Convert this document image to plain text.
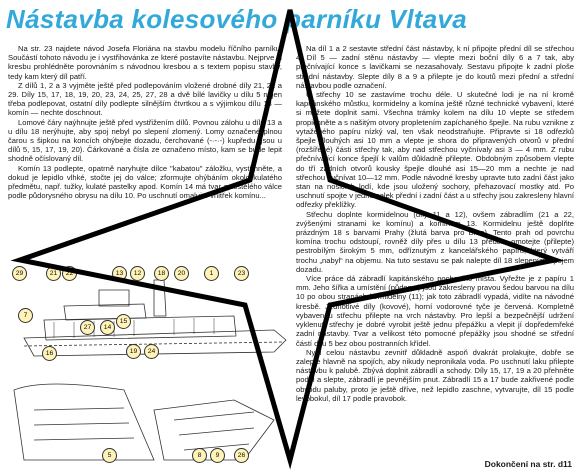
Nástavba kolesového parníku Vltava

Na str. 23 najdete návod Josefa Floriána na stavbu modelu říčního parníku. Součástí tohoto návodu je i vystřihovánka ze které postavíte nástavbu. Nejprve si kresbu prohlédněte porovnáním s návodnou kresbou a s textem popisu stavby, tedy kam který díl patří.

Z dílů 1, 2 a 3 vyjměte ještě před podlepováním vložené drobné díly 21, 22 a 29. Díly 15, 17, 18, 19, 20, 23, 24, 25, 27, 28 a dvě bílé lavičky u dílu 5 nejen třeba podlepovat, ostatní díly podlepte silnějším čtvrtkou a s výjimkou dílu 13 — komín — nechte doschnout.

Lomové čáry naýhnujte ještě před vystřižením dílů. Povnou zálohu u dílu 13 a u dílu 18 nerýhujte, aby spoj nebyl po slepení zlomený. Lomy označené plnou čarou s šipkou na koncích ohýbejte dozadu, čerchované (-·-·-) kupředu (jsou u dílů 5, 15, 17, 19, 20). Čárkované a čísla ze označeno místo, kam se bude lepit shodně očíslovaný díl.

Komín 13 podlepte, opatrně naryhujte dílce "kabatou" záložku, vystřihněte, a dokud je lepidlo vlhké, stočte jej do válce; zformujte ohýbáním okolo kulatého předmětu, např. tužky, kulaté pastelky apod. Komín 14 má tvar zploštělého válce podle půdorysného obrysu na dílu 10. Po uschnutí omalujte vnitřek komínu...

Na díl 1 a 2 sestavte střední část nástavby, k ní připojte přední díl se střechou 4. Díl 5 — zadní stěnu nástavby — vlepte mezi boční díly 6 a 7 tak, aby přečnívající konce s lavičkami se nezasahovaly. Sestavu připojte k zadní ploše střední nástavby. Slepte díly 8 a 9 a přilepte je do koutů mezi přední a střední nástavbou podle označení.

U střechy 10 se zastavíme trochu déle. U skutečné lodi je na ní kromě kapitánského můstku, kormidelny a komína ještě různé technické vybavení, které si můžete doplnit sami. Všechna trámky kolem na dílu 10 vlepte se středem propichněte a s našitým otvory propletením zapíchaného špejle. Na rubu vznikne z vytaženého papíru nízký val, ten však neodstraňujte. Připravte si 18 odřezků špejle dlouhých asi 10 mm a vlepte je shora do připravených otvorů v přední (rozšířené) části střechy tak, aby nad střechou vyčnívaly asi 3 — 4 mm. Z rubu přečnívající konce špejlí k valům důkladně přilepte. Obdobným způsobem vlepte do tří zadních otvorů kousky špejle dlouhé asi 15—20 mm a nechte je nad střechou vyčnívat 10—12 mm. Podle návodné kresby upravte tuto zadní část jako stan na nosičích lodí, kde jsou uložený sochory, přehazovací mostky atd. Po uschnutí spojte v jednu celek přední i zadní část a u střechy jsou zakresleny hlavní odřezky překlížky.

Střechu doplnte kormidelnou (díly 11 a 12), ovšem zábradlím (21 a 22, zvýšenými stranami ke komínu) a komínem 13. Kormidelnu ještě doplňte prázdným 18 s barvami Prahy (žlutá barva pro Brno). Tento prah od povrchu komína trochu odstoupí, rovněž díly přes u dílu 13 předem omotejte (přilepte) pestrobílým širokým 5 mm, odříznutým z kancelářského papíru, který vytváří trochu „nabyl“ na objemu. Na tuto sestavu se pak nalepte díl 18 slepeným spojem dozadu.

Více práce dá zábradlí kapitánského pochozího místa. Vyřežte je z papíru 1 mm. Jeho šířka a umístění (půdorys) jsou zakresleny pravou šedou barvou na dílu 10 po obou stranách kormidelny (11); jak toto zábradlí vypadá, vidíte na návodné kresbě. Jednotlivé díly (kovové), horní vodorovné tyče je červená. Kompletně vybavenou střechu přilepte na vrch nástavby. Pro lepší a bezpečnější udržení vyklenutí střechy je dobré vyrobit ještě jednu přepážku a vlepit jí dopředemřeké zadní nástavby. Tvar a velikost této pomocné přepážky jsou shodné se střední částí dílu 5 bez obou postranních křídel.

Nyní celou nástavbu zevnitř důkladně aspoň dvakrát prolakujte, dobře se zalepte hlavně na spojích, aby nikudy nepronikala voda. Po uschnutí laku přilepte nástavbu k palubě. Zbývá doplnit zábradlí a schody. Díly 15, 17, 19 a 20 přehněte podél a slepte, zábradlí je pevnějším pnut. Zábradlí 15 a 17 bude zakřivené podle obvodu paluby, proto je ještě dříve, než lepidlo zaschne, vytvarujte, díl 15 podle levobokul, díl 17 podle pravobok.

29	21	22	13	12	18	20	1	23
7
27	14
15
16	19	24
5	8	9	26
Dokončení na str. d11
